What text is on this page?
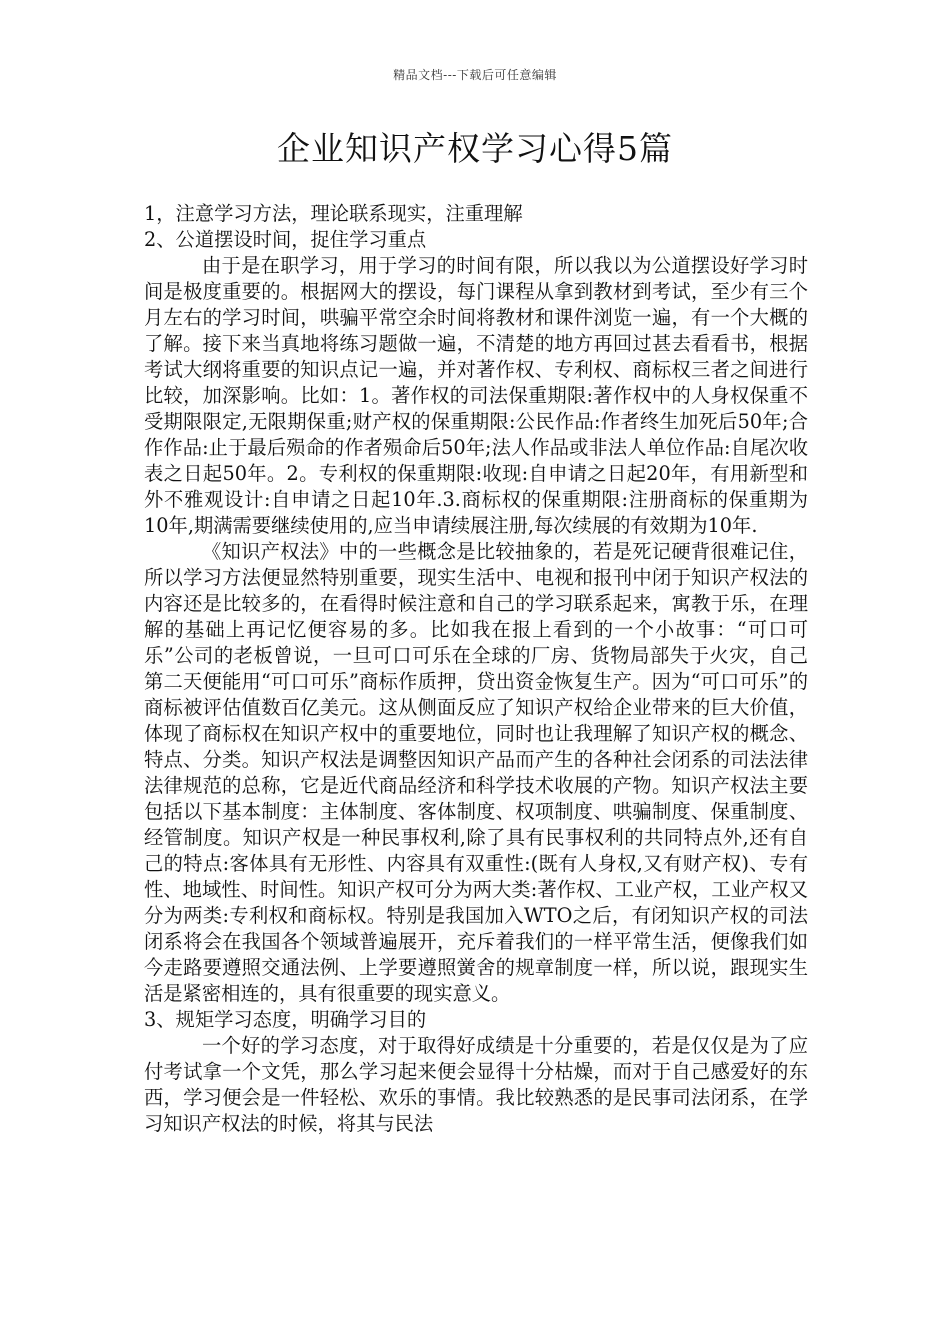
精品文档---下载后可任意编辑
企业知识产权学习心得5篇

1，注意学习方法，理论联系现实，注重理解

2、公道摆设时间，捉住学习重点

由于是在职学习，用于学习的时间有限，所以我以为公道摆设好学习时间是极度重要的。根据网大的摆设，每门课程从拿到教材到考试，至少有三个月左右的学习时间，哄骗平常空余时间将教材和课件浏览一遍，有一个大概的了解。接下来当真地将练习题做一遍，不清楚的地方再回过甚去看看书，根据考试大纲将重要的知识点记一遍，并对著作权、专利权、商标权三者之间进行比较，加深影响。比如：1。著作权的司法保重期限:著作权中的人身权保重不受期限限定,无限期保重;财产权的保重期限:公民作品:作者终生加死后50年;合作作品:止于最后殒命的作者殒命后50年;法人作品或非法人单位作品:自尾次收表之日起50年。2。专利权的保重期限:收现:自申请之日起20年，有用新型和外不雅观设计:自申请之日起10年.3.商标权的保重期限:注册商标的保重期为10年,期满需要继续使用的,应当申请续展注册,每次续展的有效期为10年.

《知识产权法》中的一些概念是比较抽象的，若是死记硬背很难记住，所以学习方法便显然特别重要，现实生活中、电视和报刊中闭于知识产权法的内容还是比较多的，在看得时候注意和自己的学习联系起来，寓教于乐，在理解的基础上再记忆便容易的多。比如我在报上看到的一个小故事：“可口可乐”公司的老板曾说，一旦可口可乐在全球的厂房、货物局部失于火灾，自己第二天便能用“可口可乐”商标作质押，贷出资金恢复生产。因为“可口可乐”的商标被评估值数百亿美元。这从侧面反应了知识产权给企业带来的巨大价值，体现了商标权在知识产权中的重要地位，同时也让我理解了知识产权的概念、特点、分类。知识产权法是调整因知识产品而产生的各种社会闭系的司法法律法律规范的总称，它是近代商品经济和科学技术收展的产物。知识产权法主要包括以下基本制度：主体制度、客体制度、权项制度、哄骗制度、保重制度、经管制度。知识产权是一种民事权利,除了具有民事权利的共同特点外,还有自己的特点:客体具有无形性、内容具有双重性:(既有人身权,又有财产权)、专有性、地域性、时间性。知识产权可分为两大类:著作权、工业产权，工业产权又分为两类:专利权和商标权。特别是我国加入WTO之后，有闭知识产权的司法闭系将会在我国各个领域普遍展开，充斥着我们的一样平常生活，便像我们如今走路要遵照交通法例、上学要遵照黉舍的规章制度一样，所以说，跟现实生活是紧密相连的，具有很重要的现实意义。

3、规矩学习态度，明确学习目的

一个好的学习态度，对于取得好成绩是十分重要的，若是仅仅是为了应付考试拿一个文凭，那么学习起来便会显得十分枯燥，而对于自己感爱好的东西，学习便会是一件轻松、欢乐的事情。我比较熟悉的是民事司法闭系，在学习知识产权法的时候，将其与民法
